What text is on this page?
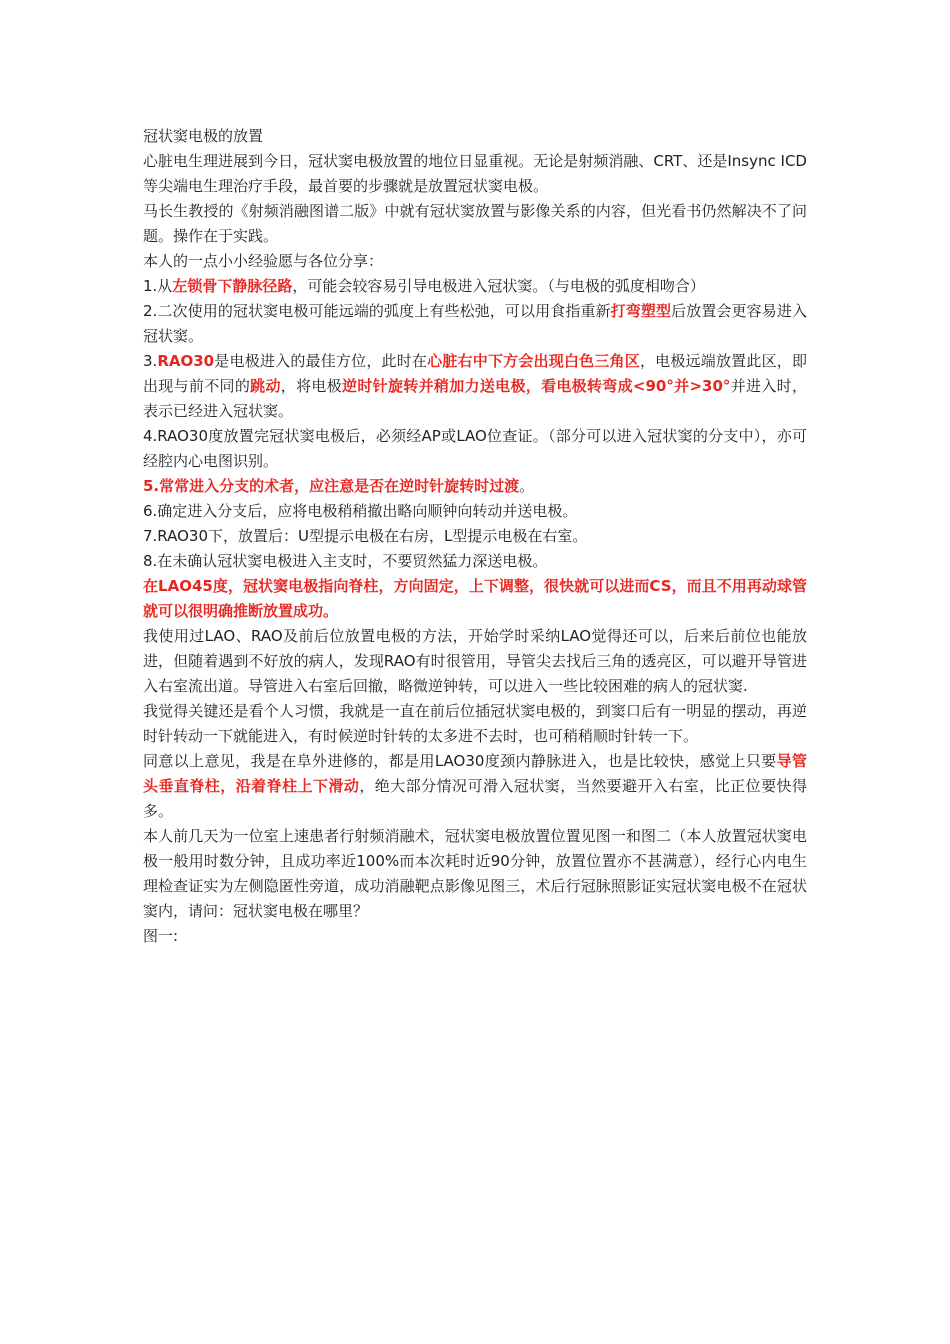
冠状窦电极的放置

心脏电生理进展到今日，冠状窦电极放置的地位日显重视。无论是射频消融、CRT、还是Insync ICD等尖端电生理治疗手段，最首要的步骤就是放置冠状窦电极。

马长生教授的《射频消融图谱二版》中就有冠状窦放置与影像关系的内容，但光看书仍然解决不了问题。操作在于实践。

本人的一点小小经验愿与各位分享：

1.从左锁骨下静脉径路，可能会较容易引导电极进入冠状窦。（与电极的弧度相吻合）

2.二次使用的冠状窦电极可能远端的弧度上有些松弛，可以用食指重新打弯塑型后放置会更容易进入冠状窦。

3.RAO30是电极进入的最佳方位，此时在心脏右中下方会出现白色三角区，电极远端放置此区，即出现与前不同的跳动，将电极逆时针旋转并稍加力送电极，看电极转弯成<90°并>30°并进入时，表示已经进入冠状窦。

4.RAO30度放置完冠状窦电极后，必须经AP或LAO位查证。（部分可以进入冠状窦的分支中），亦可经腔内心电图识别。

5.常常进入分支的术者，应注意是否在逆时针旋转时过渡。

6.确定进入分支后，应将电极稍稍撤出略向顺钟向转动并送电极。

7.RAO30下，放置后：U型提示电极在右房，L型提示电极在右室。

8.在未确认冠状窦电极进入主支时，不要贸然猛力深送电极。

在LAO45度，冠状窦电极指向脊柱，方向固定，上下调整，很快就可以进而CS，而且不用再动球管就可以很明确推断放置成功。

我使用过LAO、RAO及前后位放置电极的方法，开始学时采纳LAO觉得还可以，后来后前位也能放进，但随着遇到不好放的病人，发现RAO有时很管用，导管尖去找后三角的透亮区，可以避开导管进入右室流出道。导管进入右室后回撤，略微逆钟转，可以进入一些比较困难的病人的冠状窦.

我觉得关键还是看个人习惯，我就是一直在前后位插冠状窦电极的，到窦口后有一明显的摆动，再逆时针转动一下就能进入，有时候逆时针转的太多进不去时，也可稍稍顺时针转一下。

同意以上意见，我是在阜外进修的，都是用LAO30度颈内静脉进入，也是比较快，感觉上只要导管头垂直脊柱，沿着脊柱上下滑动，绝大部分情况可滑入冠状窦，当然要避开入右室，比正位要快得多。

本人前几天为一位室上速患者行射频消融术，冠状窦电极放置位置见图一和图二（本人放置冠状窦电极一般用时数分钟，且成功率近100%而本次耗时近90分钟，放置位置亦不甚满意），经行心内电生理检查证实为左侧隐匿性旁道，成功消融靶点影像见图三，术后行冠脉照影证实冠状窦电极不在冠状窦内，请问：冠状窦电极在哪里？

图一:
